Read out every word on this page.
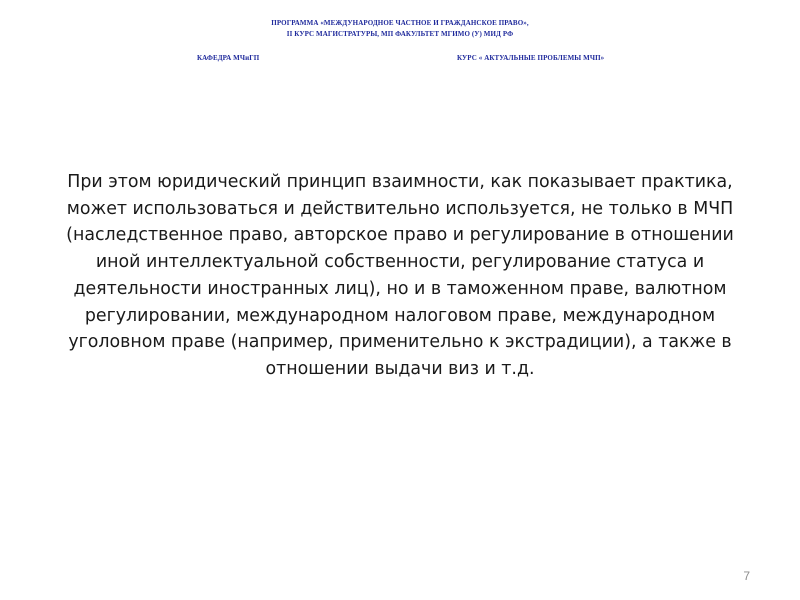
ПРОГРАММА «МЕЖДУНАРОДНОЕ ЧАСТНОЕ И ГРАЖДАНСКОЕ ПРАВО»,
II КУРС МАГИСТРАТУРЫ, МП ФАКУЛЬТЕТ МГИМО (У) МИД РФ
КАФЕДРА МЧиГП	КУРС « АКТУАЛЬНЫЕ ПРОБЛЕМЫ МЧП»
При этом юридический принцип взаимности, как показывает практика, может использоваться и действительно используется, не только в МЧП (наследственное право, авторское право и регулирование в отношении иной интеллектуальной собственности, регулирование статуса и деятельности иностранных лиц), но и в таможенном праве, валютном регулировании, международном налоговом праве, международном уголовном праве (например, применительно к экстрадиции), а также в отношении выдачи виз и т.д.
7
